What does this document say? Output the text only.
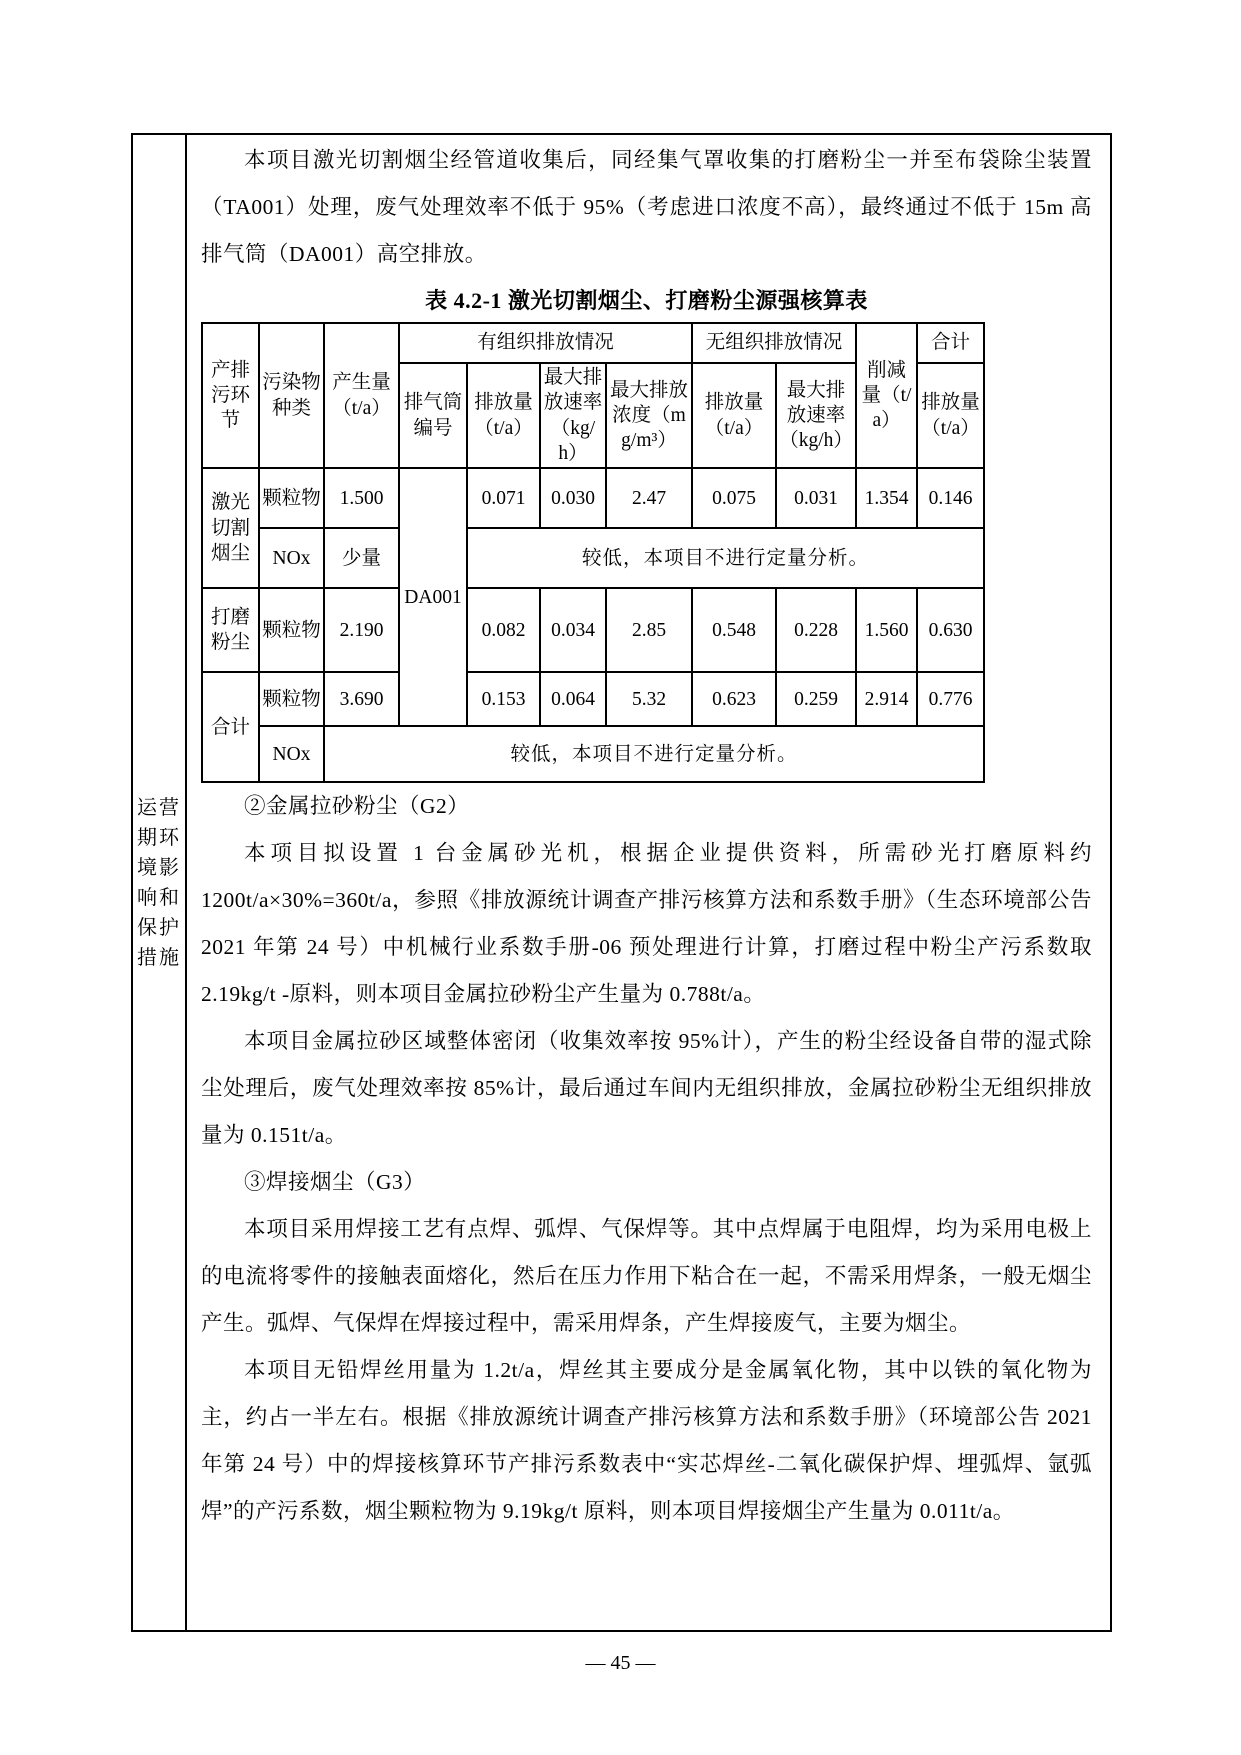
运营期环境影响和保护措施

本项目激光切割烟尘经管道收集后，同经集气罩收集的打磨粉尘一并至布袋除尘装置（TA001）处理，废气处理效率不低于 95%（考虑进口浓度不高），最终通过不低于 15m 高排气筒（DA001）高空排放。

表 4.2-1 激光切割烟尘、打磨粉尘源强核算表

产排污环节	污染物种类	产生量（t/a）	有组织排放情况				无组织排放情况		削减量（t/a）	合计
			排气筒编号	排放量（t/a）	最大排放速率（kg/h）	最大排放浓度（mg/m³）	排放量（t/a）	最大排放速率（kg/h）		排放量（t/a）
激光切割烟尘	颗粒物	1.500	DA001	0.071	0.030	2.47	0.075	0.031	1.354	0.146
	NOx	少量		较低，本项目不进行定量分析。						
打磨粉尘	颗粒物	2.190		0.082	0.034	2.85	0.548	0.228	1.560	0.630
合计	颗粒物	3.690		0.153	0.064	5.32	0.623	0.259	2.914	0.776
	NOx	较低，本项目不进行定量分析。								

②金属拉砂粉尘（G2）

本项目拟设置 1 台金属砂光机，根据企业提供资料，所需砂光打磨原料约 1200t/a×30%=360t/a，参照《排放源统计调查产排污核算方法和系数手册》（生态环境部公告 2021 年第 24 号）中机械行业系数手册-06 预处理进行计算，打磨过程中粉尘产污系数取 2.19kg/t -原料，则本项目金属拉砂粉尘产生量为 0.788t/a。

本项目金属拉砂区域整体密闭（收集效率按 95%计），产生的粉尘经设备自带的湿式除尘处理后，废气处理效率按 85%计，最后通过车间内无组织排放，金属拉砂粉尘无组织排放量为 0.151t/a。

③焊接烟尘（G3）

本项目采用焊接工艺有点焊、弧焊、气保焊等。其中点焊属于电阻焊，均为采用电极上的电流将零件的接触表面熔化，然后在压力作用下粘合在一起，不需采用焊条，一般无烟尘产生。弧焊、气保焊在焊接过程中，需采用焊条，产生焊接废气，主要为烟尘。

本项目无铅焊丝用量为 1.2t/a，焊丝其主要成分是金属氧化物，其中以铁的氧化物为主，约占一半左右。根据《排放源统计调查产排污核算方法和系数手册》（环境部公告 2021 年第 24 号）中的焊接核算环节产排污系数表中“实芯焊丝-二氧化碳保护焊、埋弧焊、氩弧焊”的产污系数，烟尘颗粒物为 9.19kg/t 原料，则本项目焊接烟尘产生量为 0.011t/a。

— 45 —
